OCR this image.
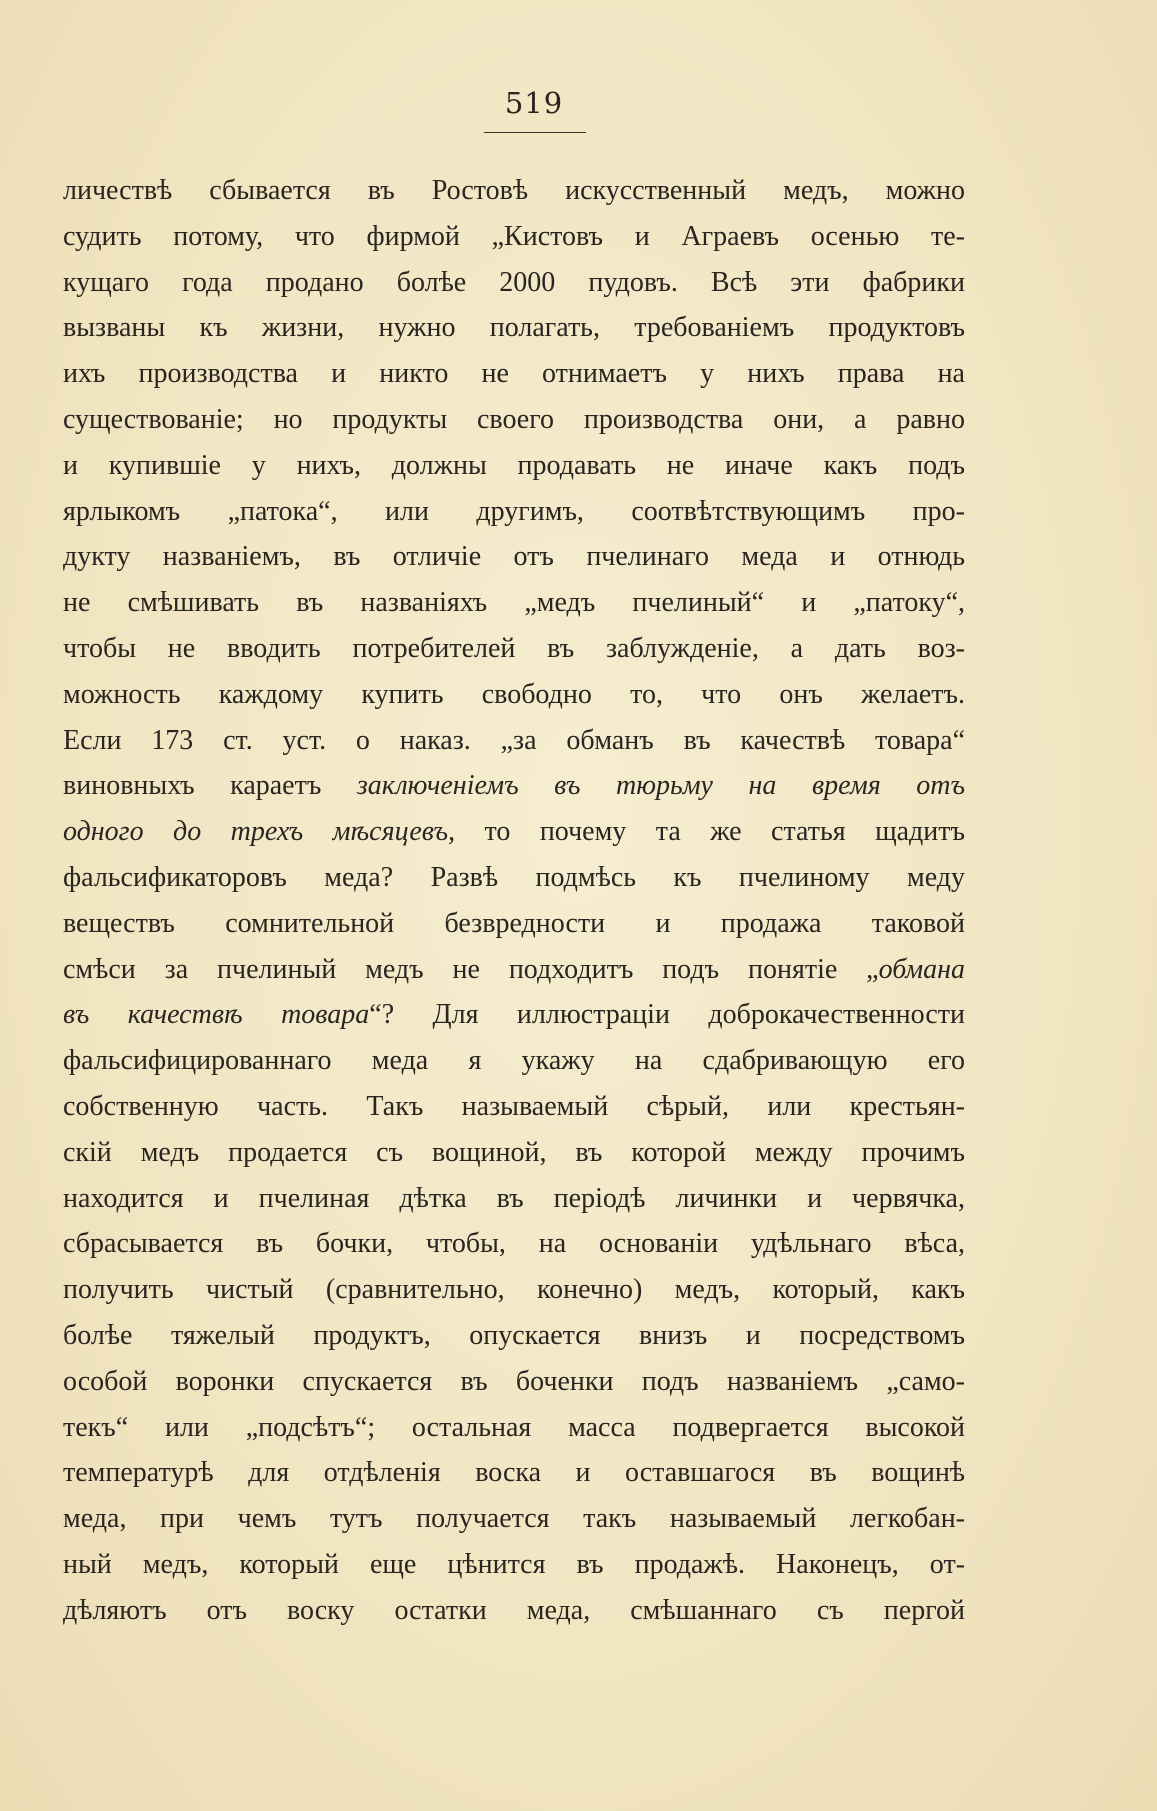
519
личествѣ сбывается въ Ростовѣ искусственный медъ, можно
судить потому, что фирмой „Кистовъ и Аграевъ осенью те-
кущаго года продано болѣе 2000 пудовъ. Всѣ эти фабрики
вызваны къ жизни, нужно полагать, требованіемъ продуктовъ
ихъ производства и никто не отнимаетъ у нихъ права на
существованіе; но продукты своего производства они, а равно
и купившіе у нихъ, должны продавать не иначе какъ подъ
ярлыкомъ „патока“, или другимъ, соотвѣтствующимъ про-
дукту названіемъ, въ отличіе отъ пчелинаго меда и отнюдь
не смѣшивать въ названіяхъ „медъ пчелиный“ и „патоку“,
чтобы не вводить потребителей въ заблужденіе, а дать воз-
можность каждому купить свободно то, что онъ желаетъ.
Если 173 ст. уст. о наказ. „за обманъ въ качествѣ товара“
виновныхъ караетъ заключеніемъ въ тюрьму на время отъ
одного до трехъ мѣсяцевъ, то почему та же статья щадитъ
фальсификаторовъ меда? Развѣ подмѣсь къ пчелиному меду
веществъ сомнительной безвредности и продажа таковой
смѣси за пчелиный медъ не подходитъ подъ понятіе „обмана
въ качествѣ товара“? Для иллюстраціи доброкачественности
фальсифицированнаго меда я укажу на сдабривающую его
собственную часть. Такъ называемый сѣрый, или крестьян-
скій медъ продается съ вощиной, въ которой между прочимъ
находится и пчелиная дѣтка въ періодѣ личинки и червячка,
сбрасывается въ бочки, чтобы, на основаніи удѣльнаго вѣса,
получить чистый (сравнительно, конечно) медъ, который, какъ
болѣе тяжелый продуктъ, опускается внизъ и посредствомъ
особой воронки спускается въ боченки подъ названіемъ „само-
текъ“ или „подсѣтъ“; остальная масса подвергается высокой
температурѣ для отдѣленія воска и оставшагося въ вощинѣ
меда, при чемъ тутъ получается такъ называемый легкобан-
ный медъ, который еще цѣнится въ продажѣ. Наконецъ, от-
дѣляютъ отъ воску остатки меда, смѣшаннаго съ пергой
